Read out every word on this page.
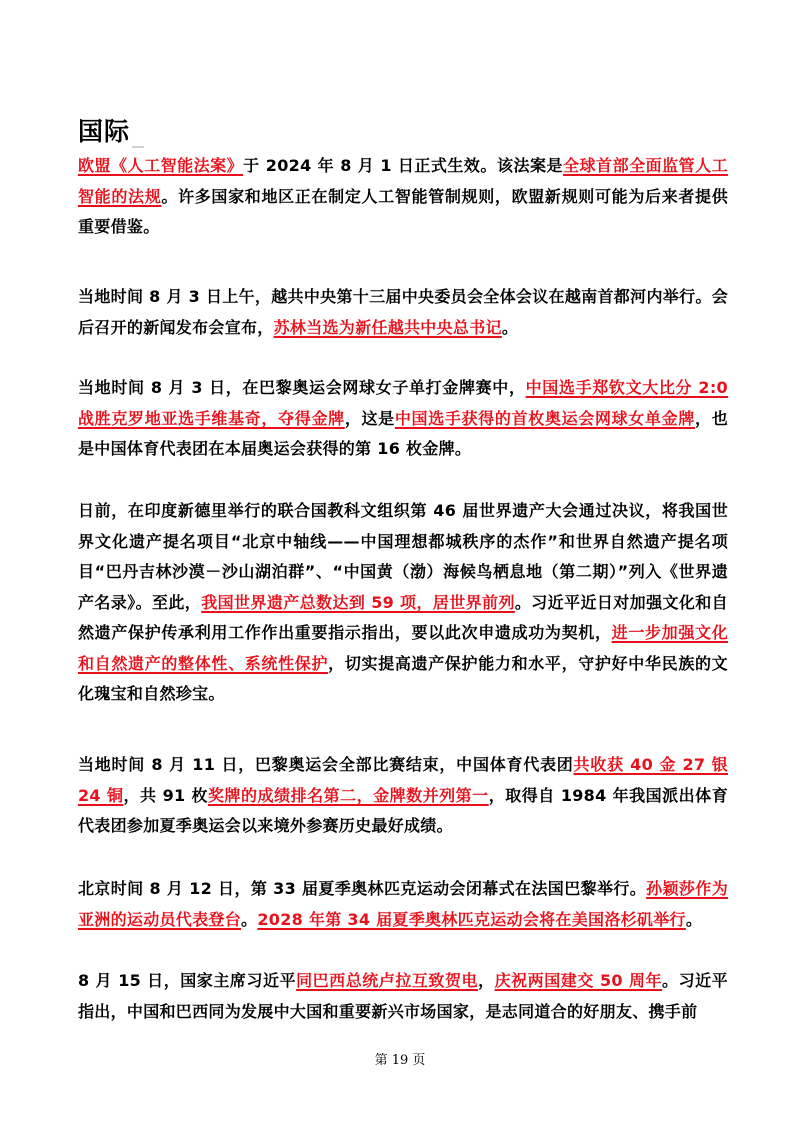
国际
欧盟《人工智能法案》于 2024 年 8 月 1 日正式生效。该法案是全球首部全面监管人工智能的法规。许多国家和地区正在制定人工智能管制规则，欧盟新规则可能为后来者提供重要借鉴。
当地时间 8 月 3 日上午，越共中央第十三届中央委员会全体会议在越南首都河内举行。会后召开的新闻发布会宣布，苏林当选为新任越共中央总书记。
当地时间 8 月 3 日，在巴黎奥运会网球女子单打金牌赛中，中国选手郑钦文大比分 2:0 战胜克罗地亚选手维基奇，夺得金牌，这是中国选手获得的首枚奥运会网球女单金牌，也是中国体育代表团在本届奥运会获得的第 16 枚金牌。
日前，在印度新德里举行的联合国教科文组织第 46 届世界遗产大会通过决议，将我国世界文化遗产提名项目“北京中轴线——中国理想都城秩序的杰作”和世界自然遗产提名项目“巴丹吉林沙漠－沙山湖泊群”、“中国黄（渤）海候鸟栖息地（第二期）”列入《世界遗产名录》。至此，我国世界遗产总数达到 59 项，居世界前列。习近平近日对加强文化和自然遗产保护传承利用工作作出重要指示指出，要以此次申遗成功为契机，进一步加强文化和自然遗产的整体性、系统性保护，切实提高遗产保护能力和水平，守护好中华民族的文化瑰宝和自然珍宝。
当地时间 8 月 11 日，巴黎奥运会全部比赛结束，中国体育代表团共收获 40 金 27 银 24 铜，共 91 枚奖牌的成绩排名第二，金牌数并列第一，取得自 1984 年我国派出体育代表团参加夏季奥运会以来境外参赛历史最好成绩。
北京时间 8 月 12 日，第 33 届夏季奥林匹克运动会闭幕式在法国巴黎举行。孙颖莎作为亚洲的运动员代表登台。2028 年第 34 届夏季奥林匹克运动会将在美国洛杉矶举行。
8 月 15 日，国家主席习近平同巴西总统卢拉互致贺电，庆祝两国建交 50 周年。习近平指出，中国和巴西同为发展中大国和重要新兴市场国家，是志同道合的好朋友、携手前
第 19 页
